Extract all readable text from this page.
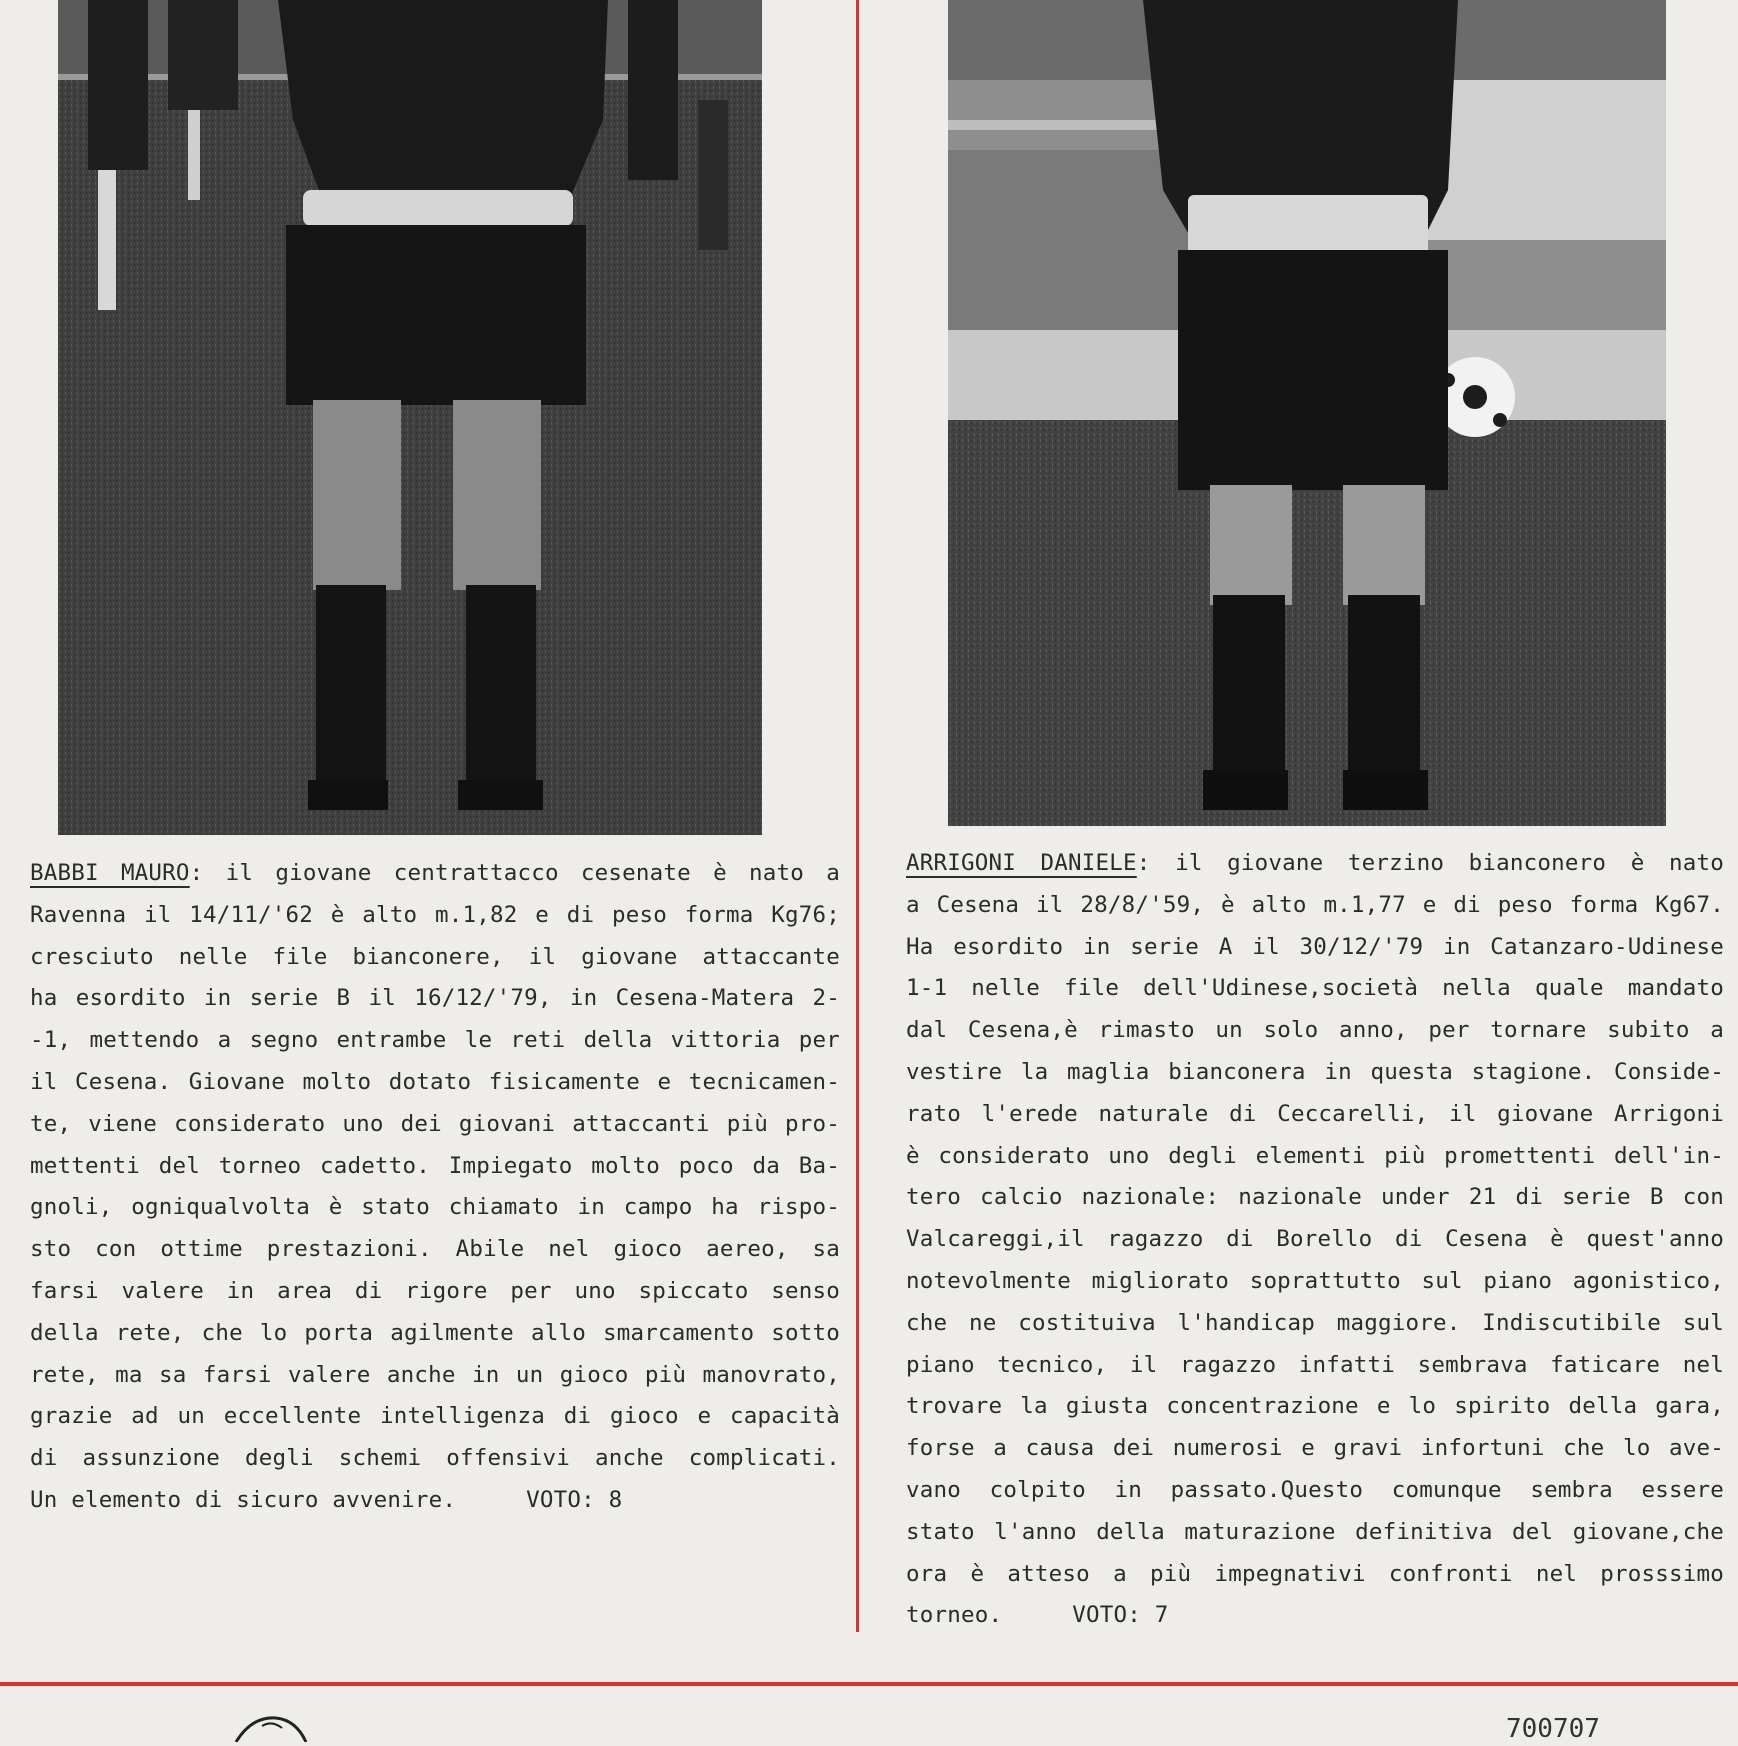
BABBI MAURO: il giovane centrattacco cesenate è nato a
Ravenna il 14/11/'62 è alto m.1,82 e di peso forma Kg76;
cresciuto nelle file bianconere, il giovane attaccante
ha esordito in serie B il 16/12/'79, in Cesena-Matera 2-
-1, mettendo a segno entrambe le reti della vittoria per
il Cesena. Giovane molto dotato fisicamente e tecnicamen-
te, viene considerato uno dei giovani attaccanti più pro-
mettenti del torneo cadetto. Impiegato molto poco da Ba-
gnoli, ogniqualvolta è stato chiamato in campo ha rispo-
sto con ottime prestazioni. Abile nel gioco aereo, sa
farsi valere in area di rigore per uno spiccato senso
della rete, che lo porta agilmente allo smarcamento sotto
rete, ma sa farsi valere anche in un gioco più manovrato,
grazie ad un eccellente intelligenza di gioco e capacità
di assunzione degli schemi offensivi anche complicati.
Un elemento di sicuro avvenire.	VOTO: 8
ARRIGONI DANIELE: il giovane terzino bianconero è nato
a Cesena il 28/8/'59, è alto m.1,77 e di peso forma Kg67.
Ha esordito in serie A il 30/12/'79 in Catanzaro-Udinese
1-1 nelle file dell'Udinese,società nella quale mandato
dal Cesena,è rimasto un solo anno, per tornare subito a
vestire la maglia bianconera in questa stagione. Conside-
rato l'erede naturale di Ceccarelli, il giovane Arrigoni
è considerato uno degli elementi più promettenti dell'in-
tero calcio nazionale: nazionale under 21 di serie B con
Valcareggi,il ragazzo di Borello di Cesena è quest'anno
notevolmente migliorato soprattutto sul piano agonistico,
che ne costituiva l'handicap maggiore. Indiscutibile sul
piano tecnico, il ragazzo infatti sembrava faticare nel
trovare la giusta concentrazione e lo spirito della gara,
forse a causa dei numerosi e gravi infortuni che lo ave-
vano colpito in passato.Questo comunque sembra essere
stato l'anno della maturazione definitiva del giovane,che
ora è atteso a più impegnativi confronti nel prosssimo
torneo.	VOTO: 7
700707
